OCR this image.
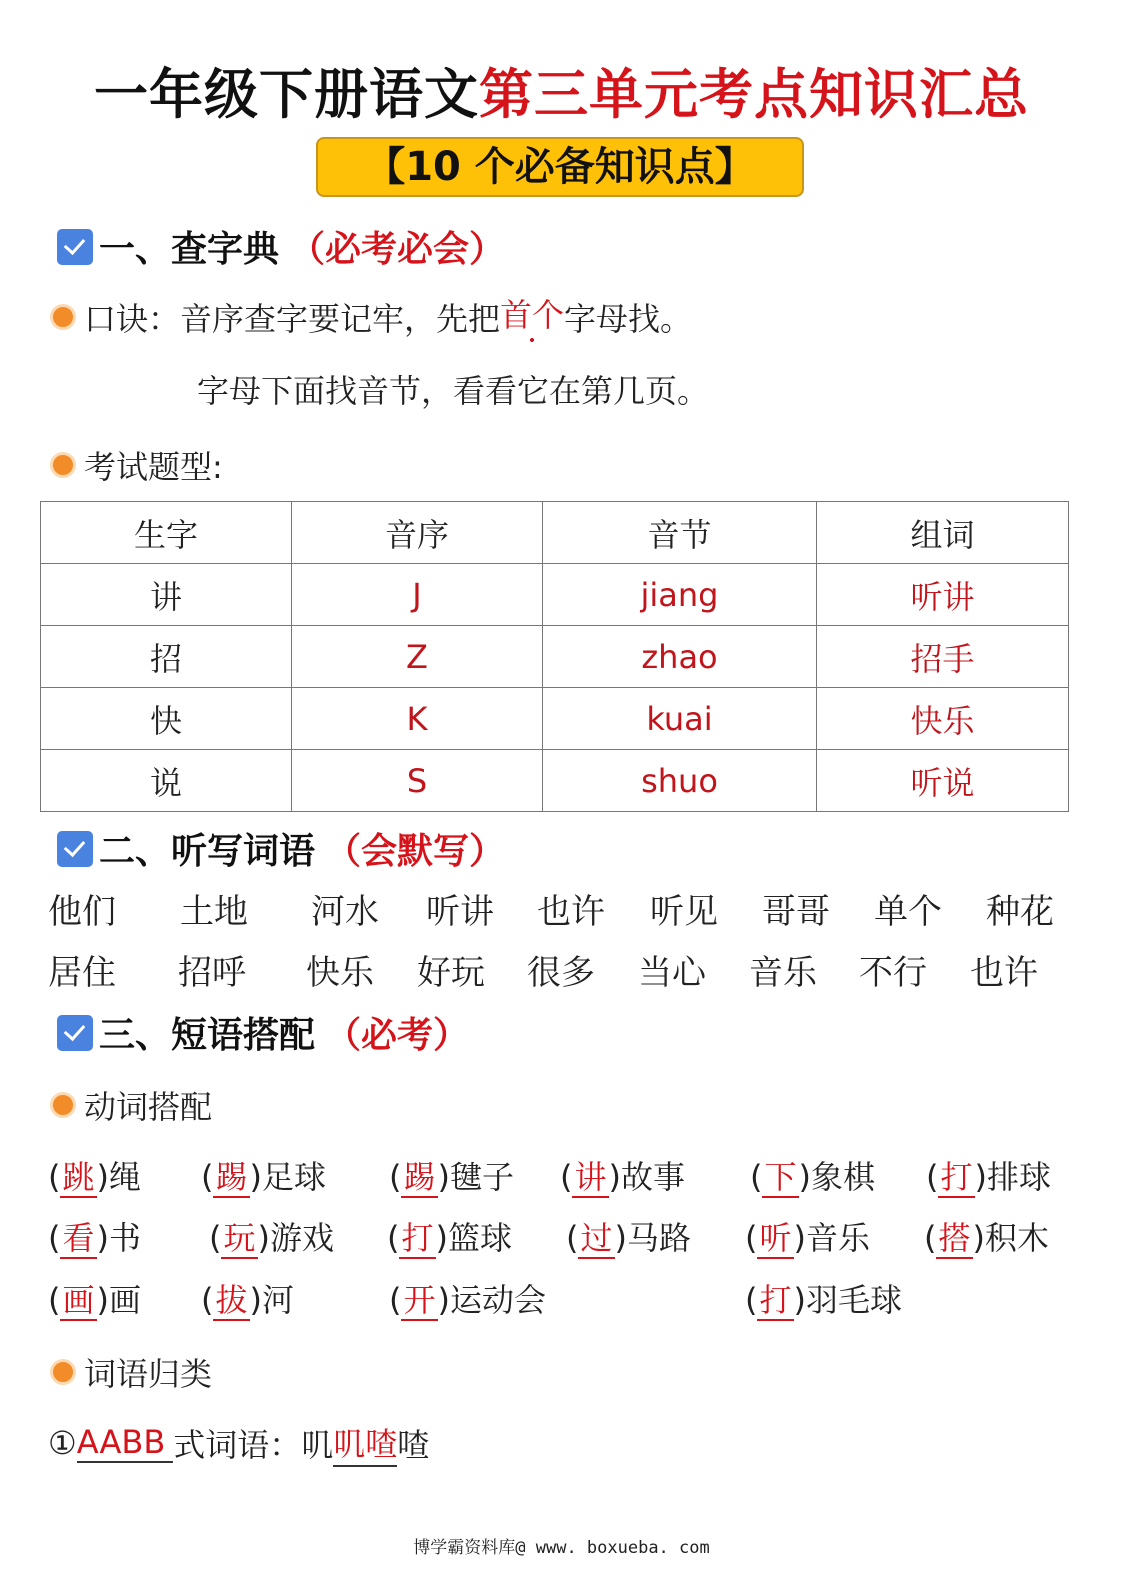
一年级下册语文第三单元考点知识汇总
【10 个必备知识点】
一、查字典 （必考必会）
口诀： 音序查字要记牢，先把 首个 字母找。
字母下面找音节，看看它在第几页。
考试题型:
生字	音序	音节	组词
讲	J	jiang	听讲
招	Z	zhao	招手
快	K	kuai	快乐
说	S	shuo	听说
二、听写词语 （会默写）
他们 土地 河水 听讲 也许 听见 哥哥 单个 种花
居住 招呼 快乐 好玩 很多 当心 音乐 不行 也许
三、短语搭配 （必考）
动词搭配
(跳)绳 (踢)足球 (踢)毽子 (讲)故事 (下)象棋 (打)排球
(看)书 (玩)游戏 (打)篮球 (过)马路 (听)音乐 (搭)积木
(画)画 (拔)河	(开)运动会	(打)羽毛球
词语归类
① AABB 式词语：叽 叽喳 喳
博学霸资料库@ www. boxueba. com
